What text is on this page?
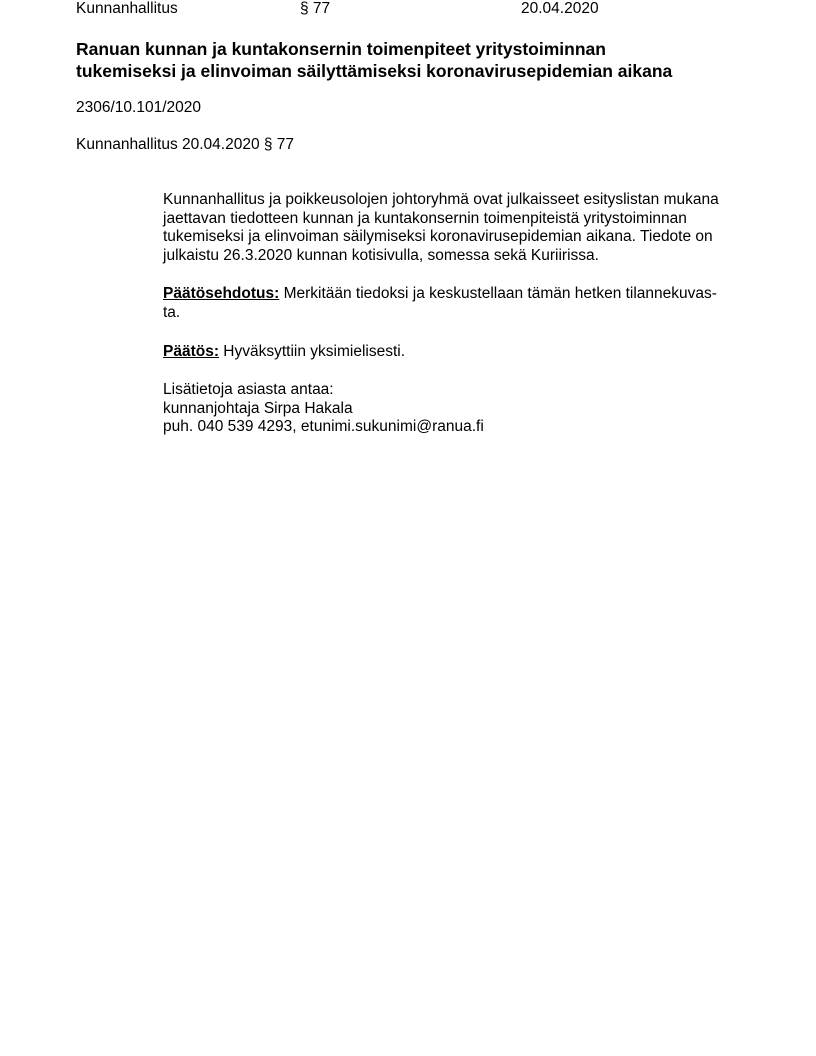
Kunnanhallitus	§ 77	20.04.2020
Ranuan kunnan ja kuntakonsernin toimenpiteet yritystoiminnan
tukemiseksi ja elinvoiman säilyttämiseksi koronavirusepidemian aikana
2306/10.101/2020
Kunnanhallitus 20.04.2020 § 77

Kunnanhallitus ja poikkeusolojen johtoryhmä ovat julkaisseet esityslistan mukana
jaettavan tiedotteen kunnan ja kuntakonsernin toimenpiteistä yritystoiminnan
tukemiseksi ja elinvoiman säilymiseksi koronavirusepidemian aikana. Tiedote on
julkaistu 26.3.2020 kunnan kotisivulla, somessa sekä Kuriirissa.

Päätösehdotus: Merkitään tiedoksi ja keskustellaan tämän hetken tilannekuvas-
ta.

Päätös: Hyväksyttiin yksimielisesti.

Lisätietoja asiasta antaa:
kunnanjohtaja Sirpa Hakala
puh. 040 539 4293, etunimi.sukunimi@ranua.fi
